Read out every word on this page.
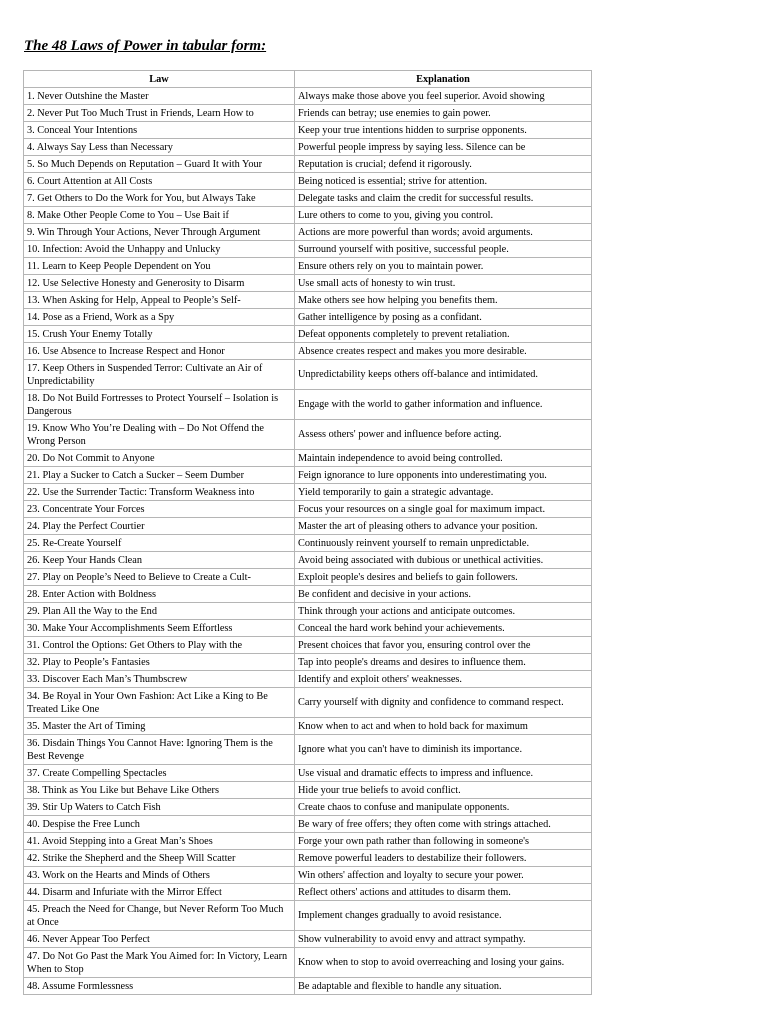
The 48 Laws of Power in tabular form:
Law	Explanation
1. Never Outshine the Master	Always make those above you feel superior. Avoid showing
2. Never Put Too Much Trust in Friends, Learn How to	Friends can betray; use enemies to gain power.
3. Conceal Your Intentions	Keep your true intentions hidden to surprise opponents.
4. Always Say Less than Necessary	Powerful people impress by saying less. Silence can be
5. So Much Depends on Reputation – Guard It with Your	Reputation is crucial; defend it rigorously.
6. Court Attention at All Costs	Being noticed is essential; strive for attention.
7. Get Others to Do the Work for You, but Always Take	Delegate tasks and claim the credit for successful results.
8. Make Other People Come to You – Use Bait if	Lure others to come to you, giving you control.
9. Win Through Your Actions, Never Through Argument	Actions are more powerful than words; avoid arguments.
10. Infection: Avoid the Unhappy and Unlucky	Surround yourself with positive, successful people.
11. Learn to Keep People Dependent on You	Ensure others rely on you to maintain power.
12. Use Selective Honesty and Generosity to Disarm	Use small acts of honesty to win trust.
13. When Asking for Help, Appeal to People’s Self-	Make others see how helping you benefits them.
14. Pose as a Friend, Work as a Spy	Gather intelligence by posing as a confidant.
15. Crush Your Enemy Totally	Defeat opponents completely to prevent retaliation.
16. Use Absence to Increase Respect and Honor	Absence creates respect and makes you more desirable.
17. Keep Others in Suspended Terror: Cultivate an Air of Unpredictability	Unpredictability keeps others off-balance and intimidated.
18. Do Not Build Fortresses to Protect Yourself – Isolation is Dangerous	Engage with the world to gather information and influence.
19. Know Who You’re Dealing with – Do Not Offend the Wrong Person	Assess others' power and influence before acting.
20. Do Not Commit to Anyone	Maintain independence to avoid being controlled.
21. Play a Sucker to Catch a Sucker – Seem Dumber	Feign ignorance to lure opponents into underestimating you.
22. Use the Surrender Tactic: Transform Weakness into	Yield temporarily to gain a strategic advantage.
23. Concentrate Your Forces	Focus your resources on a single goal for maximum impact.
24. Play the Perfect Courtier	Master the art of pleasing others to advance your position.
25. Re-Create Yourself	Continuously reinvent yourself to remain unpredictable.
26. Keep Your Hands Clean	Avoid being associated with dubious or unethical activities.
27. Play on People’s Need to Believe to Create a Cult-	Exploit people's desires and beliefs to gain followers.
28. Enter Action with Boldness	Be confident and decisive in your actions.
29. Plan All the Way to the End	Think through your actions and anticipate outcomes.
30. Make Your Accomplishments Seem Effortless	Conceal the hard work behind your achievements.
31. Control the Options: Get Others to Play with the	Present choices that favor you, ensuring control over the
32. Play to People’s Fantasies	Tap into people's dreams and desires to influence them.
33. Discover Each Man’s Thumbscrew	Identify and exploit others' weaknesses.
34. Be Royal in Your Own Fashion: Act Like a King to Be Treated Like One	Carry yourself with dignity and confidence to command respect.
35. Master the Art of Timing	Know when to act and when to hold back for maximum
36. Disdain Things You Cannot Have: Ignoring Them is the Best Revenge	Ignore what you can't have to diminish its importance.
37. Create Compelling Spectacles	Use visual and dramatic effects to impress and influence.
38. Think as You Like but Behave Like Others	Hide your true beliefs to avoid conflict.
39. Stir Up Waters to Catch Fish	Create chaos to confuse and manipulate opponents.
40. Despise the Free Lunch	Be wary of free offers; they often come with strings attached.
41. Avoid Stepping into a Great Man’s Shoes	Forge your own path rather than following in someone's
42. Strike the Shepherd and the Sheep Will Scatter	Remove powerful leaders to destabilize their followers.
43. Work on the Hearts and Minds of Others	Win others' affection and loyalty to secure your power.
44. Disarm and Infuriate with the Mirror Effect	Reflect others' actions and attitudes to disarm them.
45. Preach the Need for Change, but Never Reform Too Much at Once	Implement changes gradually to avoid resistance.
46. Never Appear Too Perfect	Show vulnerability to avoid envy and attract sympathy.
47. Do Not Go Past the Mark You Aimed for: In Victory, Learn When to Stop	Know when to stop to avoid overreaching and losing your gains.
48. Assume Formlessness	Be adaptable and flexible to handle any situation.
